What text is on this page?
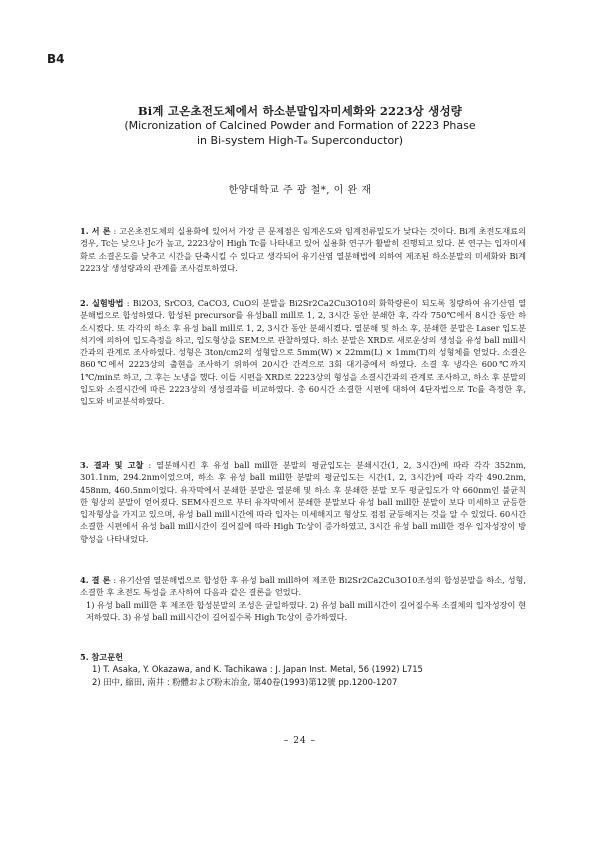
B4
Bi계 고온초전도체에서 하소분말입자미세화와 2223상 생성량
(Micronization of Calcined Powder and Formation of 2223 Phase
in Bi-system High-Tₑ Superconductor)
한양대학교 주 광 철*, 이 완 재
1. 서 론 : 고온초전도체의 실용화에 있어서 가장 큰 문제점은 임계온도와 임계전류밀도가 낮다는 것이다. Bi계 초전도재료의 경우, Tc는 낮으나 Jc가 높고, 2223상이 High Tc를 나타내고 있어 실용화 연구가 활발히 진행되고 있다. 본 연구는 입자미세화로 소결온도를 낮추고 시간을 단축시킬 수 있다고 생각되어 유기산염 열분해법에 의하여 제조된 하소분말의 미세화와 Bi계 2223상 생성량과의 관계를 조사검토하였다.
2. 실험방법 : Bi2O3, SrCO3, CaCO3, CuO의 분말을 Bi2Sr2Ca2Cu3O10의 화학량론이 되도록 칭량하여 유기산염 열분해법으로 합성하였다. 합성된 precursor를 유성ball mill로 1, 2, 3시간 동안 분쇄한 후, 각각 750℃에서 8시간 동안 하소시켰다. 또 각각의 하소 후 유성 ball mill로 1, 2, 3시간 동안 분쇄시켰다. 열분해 및 하소 후, 분쇄한 분말은 Laser 입도분석기에 의하여 입도측정을 하고, 입도형상을 SEM으로 관찰하였다. 하소 분말은 XRD로 새로운상의 생성을 유성 ball mill시간과의 관계로 조사하였다. 성형은 3ton/cm2의 성형압으로 5mm(W) × 22mm(L) × 1mm(T)의 성형체를 얻었다. 소결은 860℃에서 2223상의 출현을 조사하기 위하여 20시간 간격으로 3회 대기중에서 하였다. 소결 후 냉각은 600℃까지 1℃/min로 하고, 그 후는 노냉을 했다. 이들 시편을 XRD로 2223상의 형성을 소결시간과의 관계로 조사하고, 하소 후 분말의 입도와 소결시간에 따른 2223상의 생성결과를 비교하였다. 총 60시간 소결한 시편에 대하여 4단자법으로 Tc를 측정한 후, 입도와 비교분석하였다.
3. 결과 및 고찰 : 열분해시킨 후 유성 ball mill한 분말의 평균입도는 분쇄시간(1, 2, 3시간)에 따라 각각 352nm, 301.1nm, 294.2nm이었으며, 하소 후 유성 ball mill한 분말의 평균입도는 시간(1, 2, 3시간)에 따라 각각 490.2nm, 458nm, 460.5nm이었다. 유자막에서 분쇄한 분말은 열분해 및 하소 후 분쇄한 분말 모두 평균입도가 약 660nm인 불균칙한 형상의 분말이 얻어졌다. SEM사진으로 부터 유자막에서 분쇄한 분말보다 유성 ball mill한 분말이 보다 미세하고 균등한 입자형상을 가지고 있으며, 유성 ball mill시간에 따라 입자는 미세해지고 형상도 점점 균등해지는 것을 알 수 있었다. 60시간 소결한 시편에서 유성 ball mill시간이 길어질에 따라 High Tc상이 증가하였고, 3시간 유성 ball mill한 경우 입자성장이 방향성을 나타내었다.
4. 결 론 : 유기산염 열분해법으로 합성한 후 유성 ball mill하여 제조한 Bi2Sr2Ca2Cu3O10조성의 합성분말을 하소, 성형, 소결한 후 초전도 특성을 조사하여 다음과 같은 결론을 얻었다.
1) 유성 ball mill한 후 제조한 합성분말의 조성은 균일하였다. 2) 유성 ball mill시간이 길어질수록 소결체의 입자성장이 현저하였다. 3) 유성 ball mill시간이 길어질수록 High Tc상이 증가하였다.
5. 참고문헌
1) T. Asaka, Y. Okazawa, and K. Tachikawa : J. Japan Inst. Metal, 56 (1992) L715
2) 田中, 縮田, 南井 : 粉體および粉末冶金, 第40卷(1993)第12號 pp.1200-1207
– 24 –
